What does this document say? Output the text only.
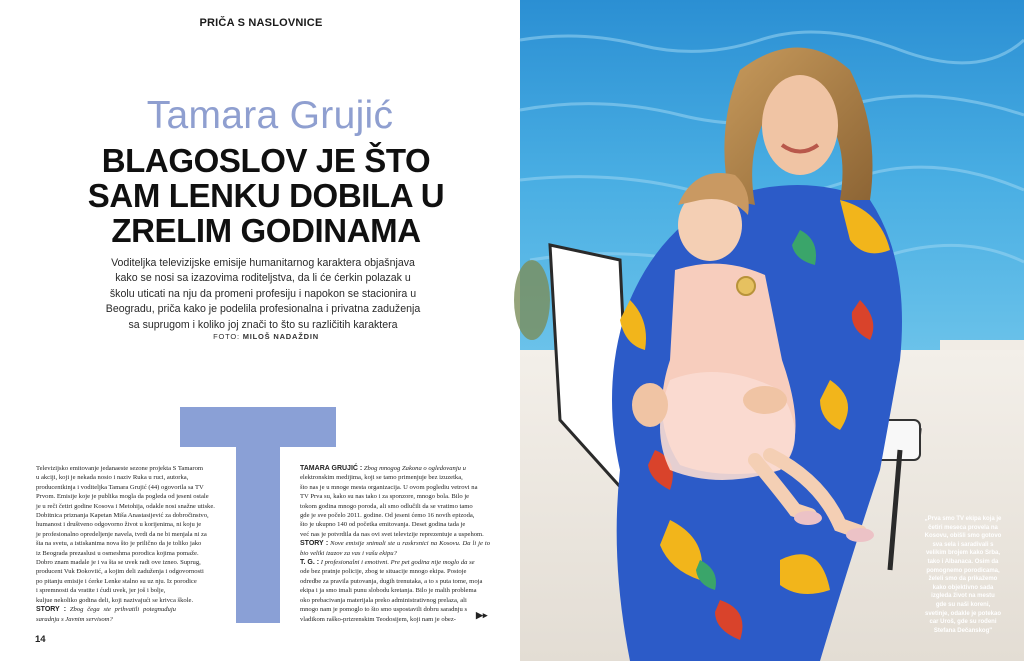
PRIČA S NASLOVNICE
Tamara Grujić
BLAGOSLOV JE ŠTO
SAM LENKU DOBILA U
ZRELIM GODINAMA
Voditeljka televizijske emisije humanitarnog karaktera objašnjava
kako se nosi sa izazovima roditeljstva, da li će ćerkin polazak u
školu uticati na nju da promeni profesiju i napokon se stacionira u
Beogradu, priča kako je podelila profesionalna i privatna zaduženja
sa suprugom i koliko joj znači to što su različitih karaktera
FOTO: MILOŠ NADAŽDIN
Televizijsko emitovanje jedanaeste sezone projekta S Tamarom
u akciji, koji je nekada nosio i naziv Ruka u ruci, autorka,
producentkinja i voditeljka Tamara Grujić (44) ogovorila sa TV
Prvom. Emisije koje je publika mogla da pogleda od jeseni ostale
je u reči četiri godine Kosova i Metohija, odakle nosi snažne utiske.
Dobitnica priznanja Kapetan Miša Anastasijević za dobročinstvo,
humanost i društveno odgovorno život u korijenima, ni koju je
je profesionalno opredeljenje navela, tvrdi da ne bi menjala ni za
šta na svetu, a istiskanima nova što je prilično da je toliko jako
iz Beograda prezaslusi u osmeshma porodica kojima pomaže.
Dobro znam madale je i va šta se uvek radi ove izneo. Suprug,
producent Vuk Đokoviić, a kojim deli zaduženja i odgovornosti
po pitanju emisije i ćerke Lenke stalno su uz nju. Iz porodice
i spremnosti da vratite i ćudi uvek, jer još i bolje,
kuljue nekoliko godina deli, koji nazivajući se krivca škole.
STORY : Zbog čega ste prihvatili potegnuđuju saradnju s Javnim servisom?
TAMARA GRUJIĆ : Zbog mnogog Zakona o ogledovanju u
elektronskim medijima, koji se tamo primenjuje bez izuzetka,
što nas je u mnoge mesta organizacija. U ovom poglediu vetrovi na
TV Prva su, kako su nas tako i za sponzore, mnogo bola. Bilo je
tokom godina mnogo poroda, ali smo odlučili da se vratimo tamo
gde je sve počelo 2011. godine. Od jeseni ćemo 16 novih epizoda,
što je ukupno 140 od početka emitovanja. Deset godina tada je
već nas je potvrdila da nas ovi svet televizije reprezentuje a uspehom.
STORY : Nove emisije snimali ste u raskrsnici na Kosovu. Da li je to bio veliki izazov za vas i vašu ekipu?
T. G. : I profesionalni i emotivni. Pre pet godina nije moglo da se
ode bez pratnje policije, zbog te situacije mnogo ekipa. Postoje
odredbe za pravila putovanja, dugih trenutaka, a to s puta tome, moja
ekipa i ja smo imali punu slobodu kretanja. Bilo je malih problema
oko prebacivanja materijala preko administrativnog prelaza, ali
mnogo nam je pomoglo to što smo uspostavili dobru saradnju s
vladikom raško-prizrenskim Teodosijem, koji nam je obez-	▶▸
14
„Prva smo TV ekipa koja je
četiri meseca provela na
Kosovu, obišli smo gotovo
sva sela i saradivali s
velikim brojem kako Srba,
tako i Albanaca. Osim da
pomognemo porodicama,
želeli smo da prikažemo
kako objektivno sada
izgleda život na mestu
gde su naši koreni,
svetinje, odakle je potekao
car Uroš, gde su rođeni
Stefana Dečanskog"
